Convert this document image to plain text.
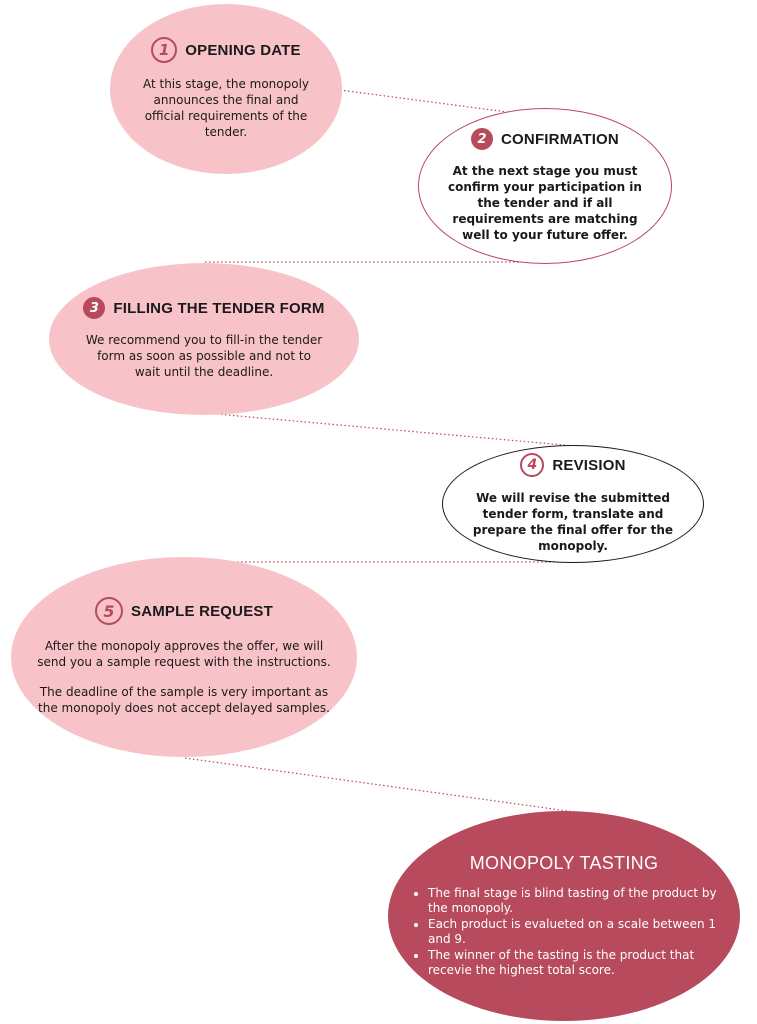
1	OPENING DATE
At this stage, the monopoly announces the final and official requirements of the tender.
2 CONFIRMATION
At the next stage you must confirm your participation in the tender and if all requirements are matching well to your future offer.
3 FILLING THE TENDER FORM
We recommend you to fill-in the tender form as soon as possible and not to wait until the deadline.
4	REVISION
We will revise the submitted tender form, translate and prepare the final offer for the monopoly.
5	SAMPLE REQUEST
After the monopoly approves the offer, we will send you a sample request with the instructions.
The deadline of the sample is very important as the monopoly does not accept delayed samples.
MONOPOLY TASTING
• The final stage is blind tasting of the product by the monopoly.
• Each product is evalueted on a scale between 1 and 9.
• The winner of the tasting is the product that recevie the highest total score.
